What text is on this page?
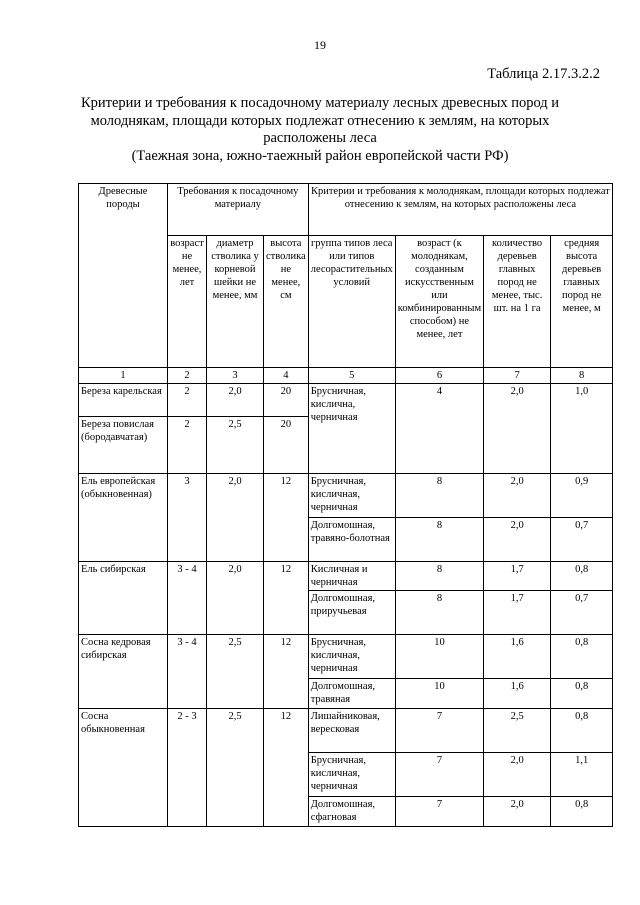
19
Таблица 2.17.3.2.2
Критерии и требования к посадочному материалу лесных древесных пород и
молоднякам, площади которых подлежат отнесению к землям, на которых
расположены леса
(Таежная зона, южно-таежный район европейской части РФ)
Древесные породы	Требования к посадочному материалу			Критерии и требования к молоднякам, площади которых подлежат отнесению к землям, на которых расположены леса			
	возраст не менее, лет	диаметр стволика у корневой шейки не менее, мм	высота стволика не менее, см	группа типов леса или типов лесорастительных условий	возраст (к молоднякам, созданным искусственным или комбинированным способом) не менее, лет	количество деревьев главных пород не менее, тыс. шт. на 1 га	средняя высота деревьев главных пород не менее, м
1	2	3	4	5	6	7	8
Береза карельская	2	2,0	20	Брусничная, кислична, черничная	4	2,0	1,0
Береза повислая (бородавчатая)	2	2,5	20				
Ель европейская (обыкновенная)	3	2,0	12	Брусничная, кисличная, черничная	8	2,0	0,9
				Долгомошная, травяно-болотная	8	2,0	0,7
Ель сибирская	3 - 4	2,0	12	Кисличная и черничная	8	1,7	0,8
				Долгомошная, приручьевая	8	1,7	0,7
Сосна кедровая сибирская	3 - 4	2,5	12	Брусничная, кисличная, черничная	10	1,6	0,8
				Долгомошная, травяная	10	1,6	0,8
Сосна обыкновенная	2 - 3	2,5	12	Лишайниковая, вересковая	7	2,5	0,8
				Брусничная, кисличная, черничная	7	2,0	1,1
				Долгомошная, сфагновая	7	2,0	0,8
